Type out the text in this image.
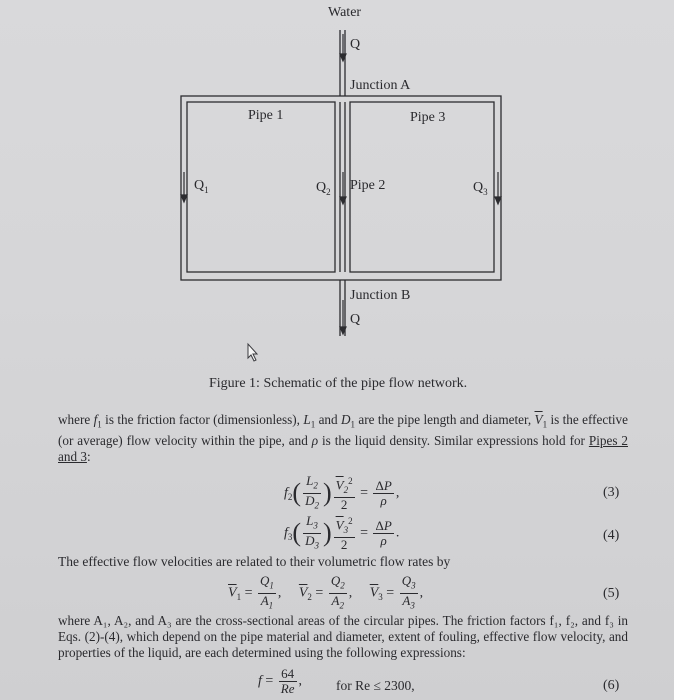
Water
Q
Junction A
Pipe 1	Pipe 3
$Q_1$	$Q_2$ Pipe 2	$Q_3$
Junction B
Q
Figure 1: Schematic of the pipe flow network.
where $f_1$ is the friction factor (dimensionless), $L_1$ and $D_1$ are the pipe length and diameter, $\overline{V}_1$ is the effective (or average) flow velocity within the pipe, and ρ is the liquid density. Similar expressions hold for Pipes 2 and 3:
$f_2( \frac{L_2}{D_2}$ ) $\frac{\overline{V}_2^2}{2} = \frac{\Delta P}{\rho}$ ,	(3)
$f_3( \frac{L_3}{D_3}$ ) $\frac{\overline{V}_3^2}{2} = \frac{\Delta P}{\rho}$ .	(4)
The effective flow velocities are related to their volumetric flow rates by
$\overline{V}_1 = \frac{Q_1}{A_1}$ , $\overline{V}_2 = \frac{Q_2}{A_2}$ , $\overline{V}_3 = \frac{Q_3}{A_3}$ ,	(5)
where A₁, A₂, and A₃ are the cross-sectional areas of the circular pipes. The friction factors f₁, f₂, and f₃ in Eqs. (2)-(4), which depend on the pipe material and diameter, extent of fouling, effective flow velocity, and properties of the liquid, are each determined using the following expressions:
$f = \frac{64}{Re}$ ,	for Re ≤ 2300,	(6)
